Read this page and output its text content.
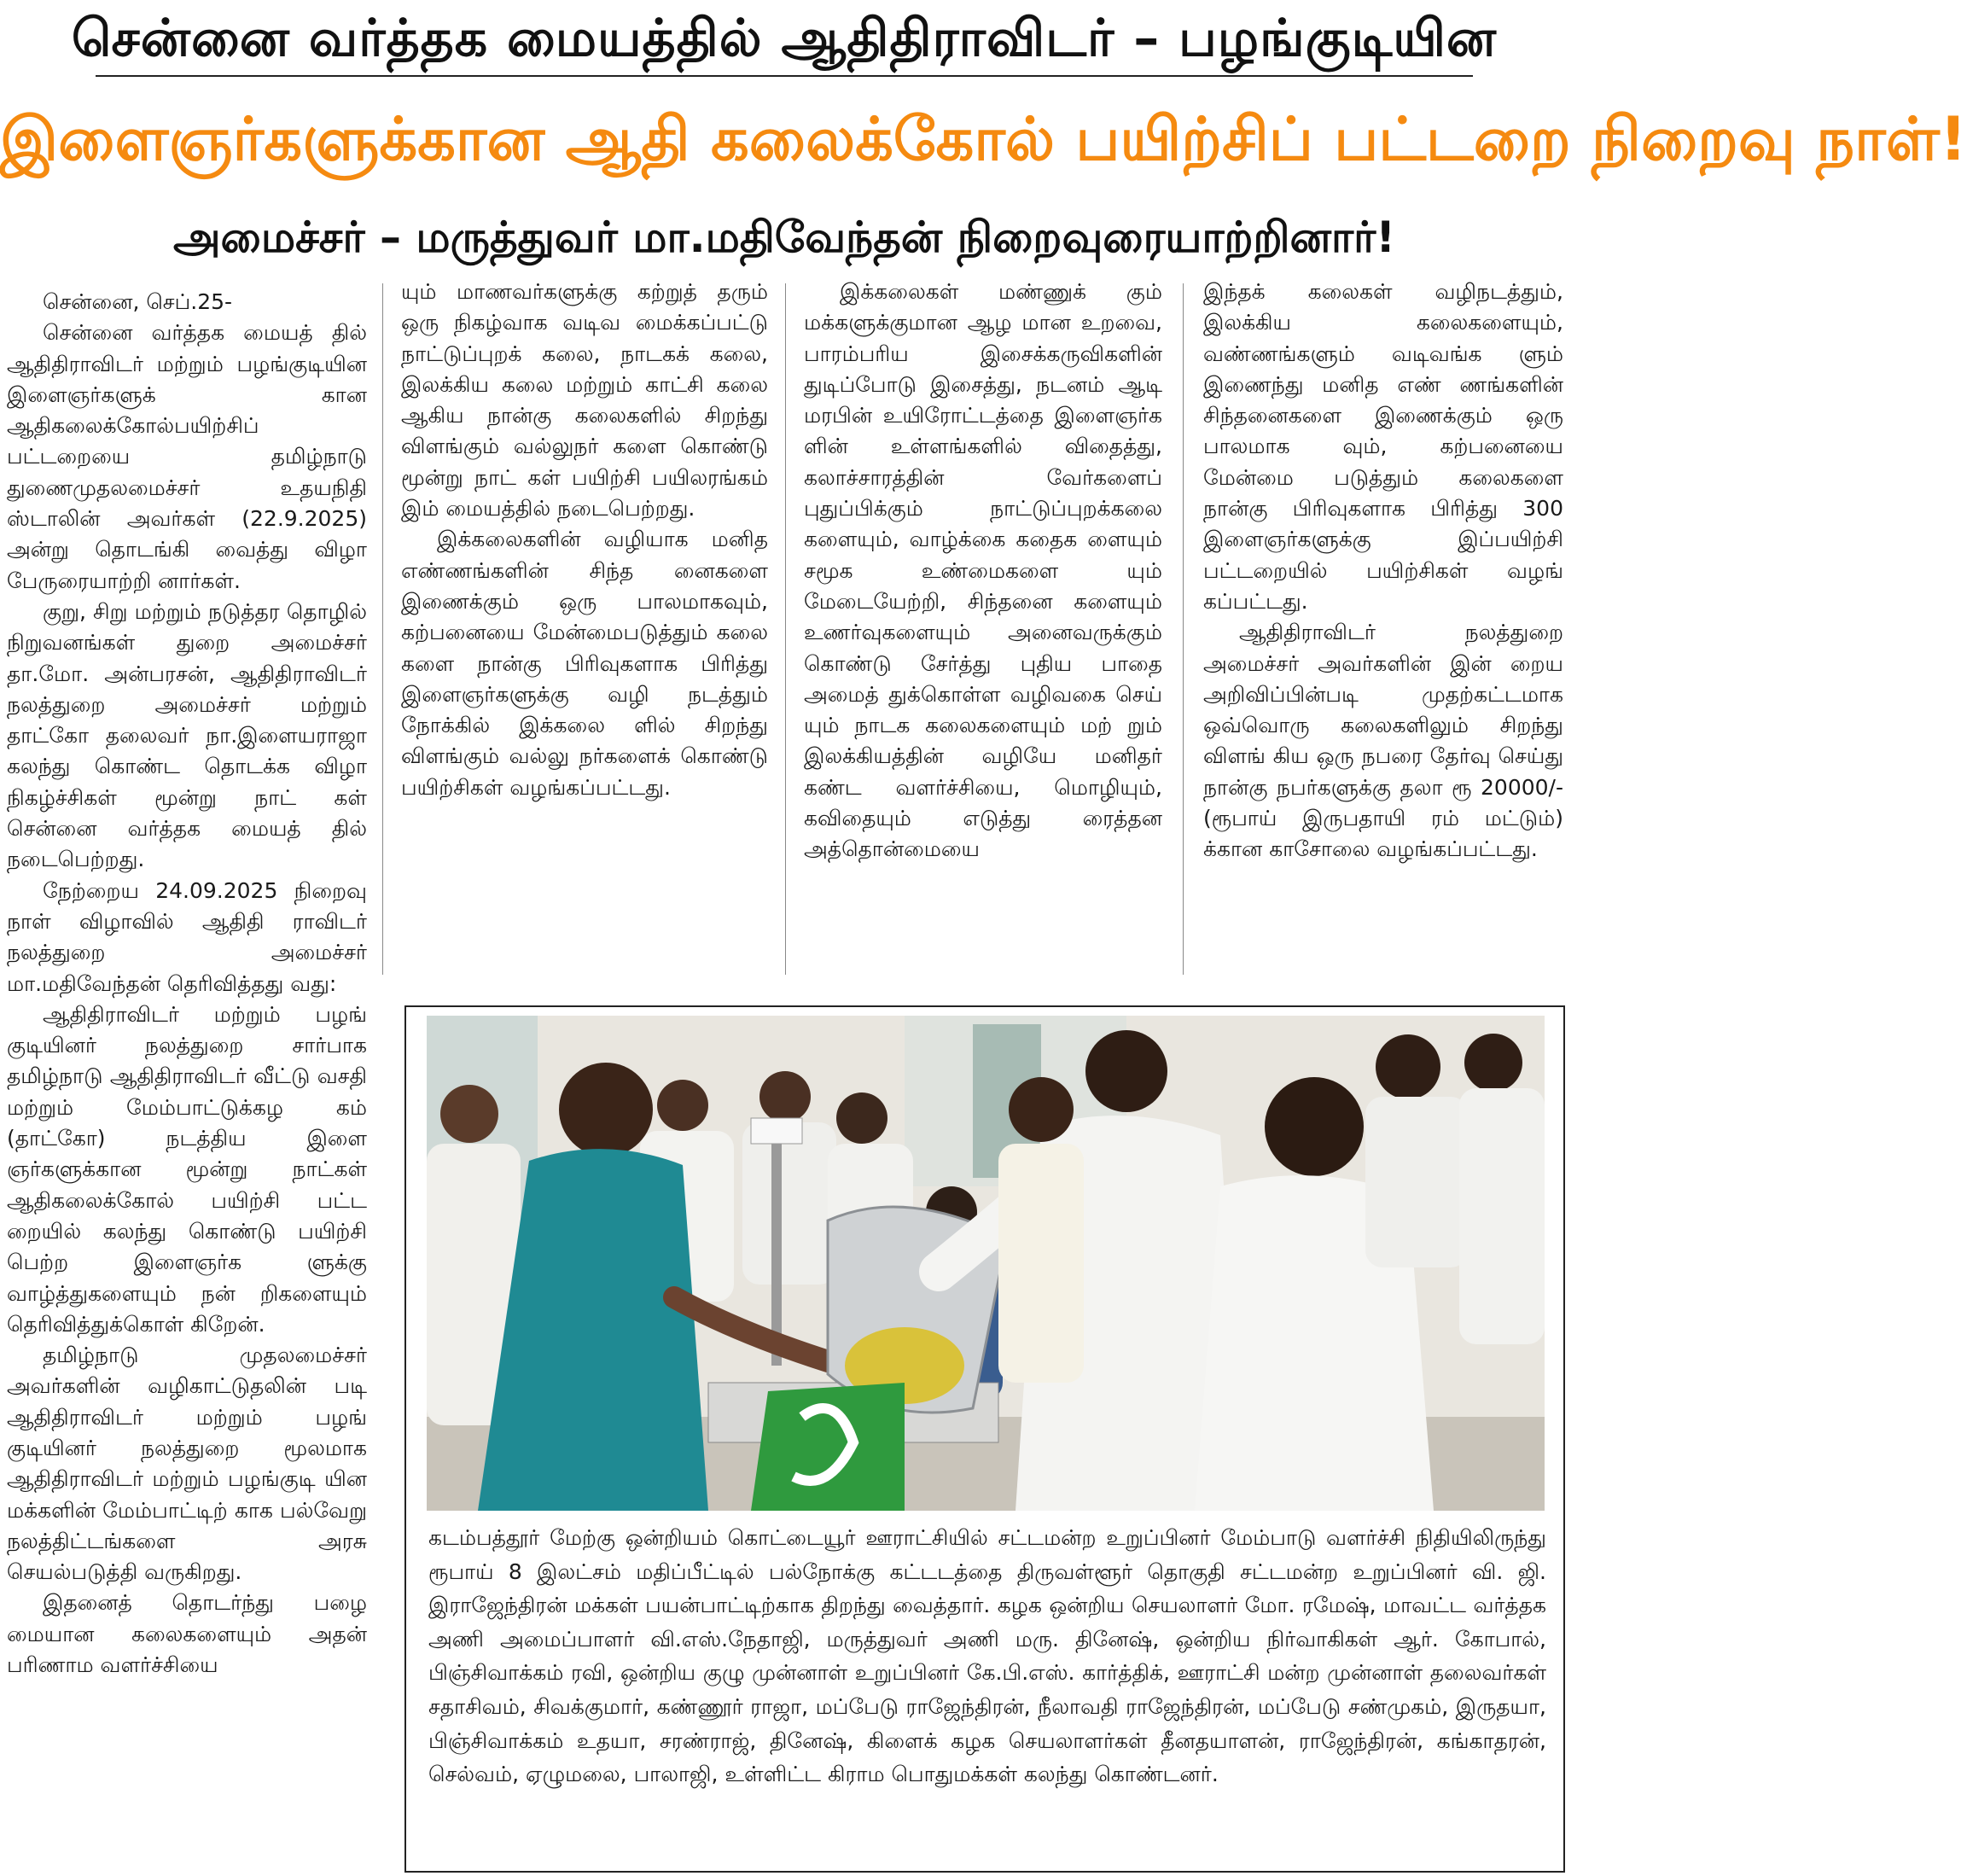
சென்னை வர்த்தக மையத்தில் ஆதிதிராவிடர் – பழங்குடியின
இளைஞர்களுக்கான ஆதி கலைக்கோல் பயிற்சிப் பட்டறை நிறைவு நாள்!
அமைச்சர் – மருத்துவர் மா.மதிவேந்தன் நிறைவுரையாற்றினார்!

சென்னை, செப்.25-

சென்னை வர்த்தக மையத் தில் ஆதிதிராவிடர் மற்றும் பழங்குடியின இளைஞர்களுக் கான ஆதிகலைக்கோல்பயிற்சிப் பட்டறையை தமிழ்நாடு துணைமுதலமைச்சர் உதயநிதி ஸ்டாலின் அவர்கள் (22.9.2025) அன்று தொடங்கி வைத்து விழா பேருரையாற்றி னார்கள்.

குறு, சிறு மற்றும் நடுத்தர தொழில் நிறுவனங்கள் துறை அமைச்சர் தா.மோ. அன்பரசன், ஆதிதிராவிடர் நலத்துறை அமைச்சர் மற்றும் தாட்கோ தலைவர் நா.இளையராஜா கலந்து கொண்ட தொடக்க விழா நிகழ்ச்சிகள் மூன்று நாட் கள் சென்னை வர்த்தக மையத் தில் நடைபெற்றது.

நேற்றைய 24.09.2025 நிறைவு நாள் விழாவில் ஆதிதி ராவிடர் நலத்துறை அமைச்சர் மா.மதிவேந்தன் தெரிவித்தது வது:

ஆதிதிராவிடர் மற்றும் பழங் குடியினர் நலத்துறை சார்பாக தமிழ்நாடு ஆதிதிராவிடர் வீட்டு வசதி மற்றும் மேம்பாட்டுக்கழ கம் (தாட்கோ) நடத்திய இளை ஞர்களுக்கான மூன்று நாட்கள் ஆதிகலைக்கோல் பயிற்சி பட்ட றையில் கலந்து கொண்டு பயிற்சி பெற்ற இளைஞர்க ளுக்கு வாழ்த்துகளையும் நன் றிகளையும் தெரிவித்துக்கொள் கிறேன்.

தமிழ்நாடு முதலமைச்சர் அவர்களின் வழிகாட்டுதலின் படி ஆதிதிராவிடர் மற்றும் பழங் குடியினர் நலத்துறை மூலமாக ஆதிதிராவிடர் மற்றும் பழங்குடி யின மக்களின் மேம்பாட்டிற் காக பல்வேறு நலத்திட்டங்களை அரசு செயல்படுத்தி வருகிறது.

இதனைத் தொடர்ந்து பழை மையான கலைகளையும் அதன் பரிணாம வளர்ச்சியை

யும் மாணவர்களுக்கு கற்றுத் தரும் ஒரு நிகழ்வாக வடிவ மைக்கப்பட்டு நாட்டுப்புறக் கலை, நாடகக் கலை, இலக்கிய கலை மற்றும் காட்சி கலை ஆகிய நான்கு கலைகளில் சிறந்து விளங்கும் வல்லுநர் களை கொண்டு மூன்று நாட் கள் பயிற்சி பயிலரங்கம் இம் மையத்தில் நடைபெற்றது.

இக்கலைகளின் வழியாக மனித எண்ணங்களின் சிந்த னைகளை இணைக்கும் ஒரு பாலமாகவும், கற்பனையை மேன்மைபடுத்தும் கலை களை நான்கு பிரிவுகளாக பிரித்து இளைஞர்களுக்கு வழி நடத்தும் நோக்கில் இக்கலை ளில் சிறந்து விளங்கும் வல்லு நர்களைக் கொண்டு பயிற்சிகள் வழங்கப்பட்டது.

இக்கலைகள் மண்ணுக் கும் மக்களுக்குமான ஆழ மான உறவை, பாரம்பரிய இசைக்கருவிகளின் துடிப்போடு இசைத்து, நடனம் ஆடி மரபின் உயிரோட்டத்தை இளைஞர்க ளின் உள்ளங்களில் விதைத்து, கலாச்சாரத்தின் வேர்களைப் புதுப்பிக்கும் நாட்டுப்புறக்கலை களையும், வாழ்க்கை கதைக ளையும் சமூக உண்மைகளை யும் மேடையேற்றி, சிந்தனை களையும் உணர்வுகளையும் அனைவருக்கும் கொண்டு சேர்த்து புதிய பாதை அமைத் துக்கொள்ள வழிவகை செய் யும் நாடக கலைகளையும் மற் றும் இலக்கியத்தின் வழியே மனிதர் கண்ட வளர்ச்சியை, மொழியும், கவிதையும் எடுத்து ரைத்தன அத்தொன்மையை

இந்தக் கலைகள் வழிநடத்தும், இலக்கிய கலைகளையும், வண்ணங்களும் வடிவங்க ளும் இணைந்து மனித எண் ணங்களின் சிந்தனைகளை இணைக்கும் ஒரு பாலமாக வும், கற்பனையை மேன்மை படுத்தும் கலைகளை நான்கு பிரிவுகளாக பிரித்து 300 இளைஞர்களுக்கு இப்பயிற்சி பட்டறையில் பயிற்சிகள் வழங் கப்பட்டது.

ஆதிதிராவிடர் நலத்துறை அமைச்சர் அவர்களின் இன் றைய அறிவிப்பின்படி முதற்கட்டமாக ஒவ்வொரு கலைகளிலும் சிறந்து விளங் கிய ஒரு நபரை தேர்வு செய்து நான்கு நபர்களுக்கு தலா ரூ 20000/- (ரூபாய் இருபதாயி ரம் மட்டும்) க்கான காசோலை வழங்கப்பட்டது.

கடம்பத்தூர் மேற்கு ஒன்றியம் கொட்டையூர் ஊராட்சியில் சட்டமன்ற உறுப்பினர் மேம்பாடு வளர்ச்சி நிதியிலிருந்து ரூபாய் 8 இலட்சம் மதிப்பீட்டில் பல்நோக்கு கட்டடத்தை திருவள்ளூர் தொகுதி சட்டமன்ற உறுப்பினர் வி. ஜி. இராஜேந்திரன் மக்கள் பயன்பாட்டிற்காக திறந்து வைத்தார். கழக ஒன்றிய செயலாளர் மோ. ரமேஷ், மாவட்ட வர்த்தக அணி அமைப்பாளர் வி.எஸ்.நேதாஜி, மருத்துவர் அணி மரு. தினேஷ், ஒன்றிய நிர்வாகிகள் ஆர். கோபால், பிஞ்சிவாக்கம் ரவி, ஒன்றிய குழு முன்னாள் உறுப்பினர் கே.பி.எஸ். கார்த்திக், ஊராட்சி மன்ற முன்னாள் தலைவர்கள் சதாசிவம், சிவக்குமார், கண்ணூர் ராஜா, மப்பேடு ராஜேந்திரன், நீலாவதி ராஜேந்திரன், மப்பேடு சண்முகம், இருதயா, பிஞ்சிவாக்கம் உதயா, சரண்ராஜ், தினேஷ், கிளைக் கழக செயலாளர்கள் தீனதயாளன், ராஜேந்திரன், கங்காதரன், செல்வம், ஏழுமலை, பாலாஜி, உள்ளிட்ட கிராம பொதுமக்கள் கலந்து கொண்டனர்.
